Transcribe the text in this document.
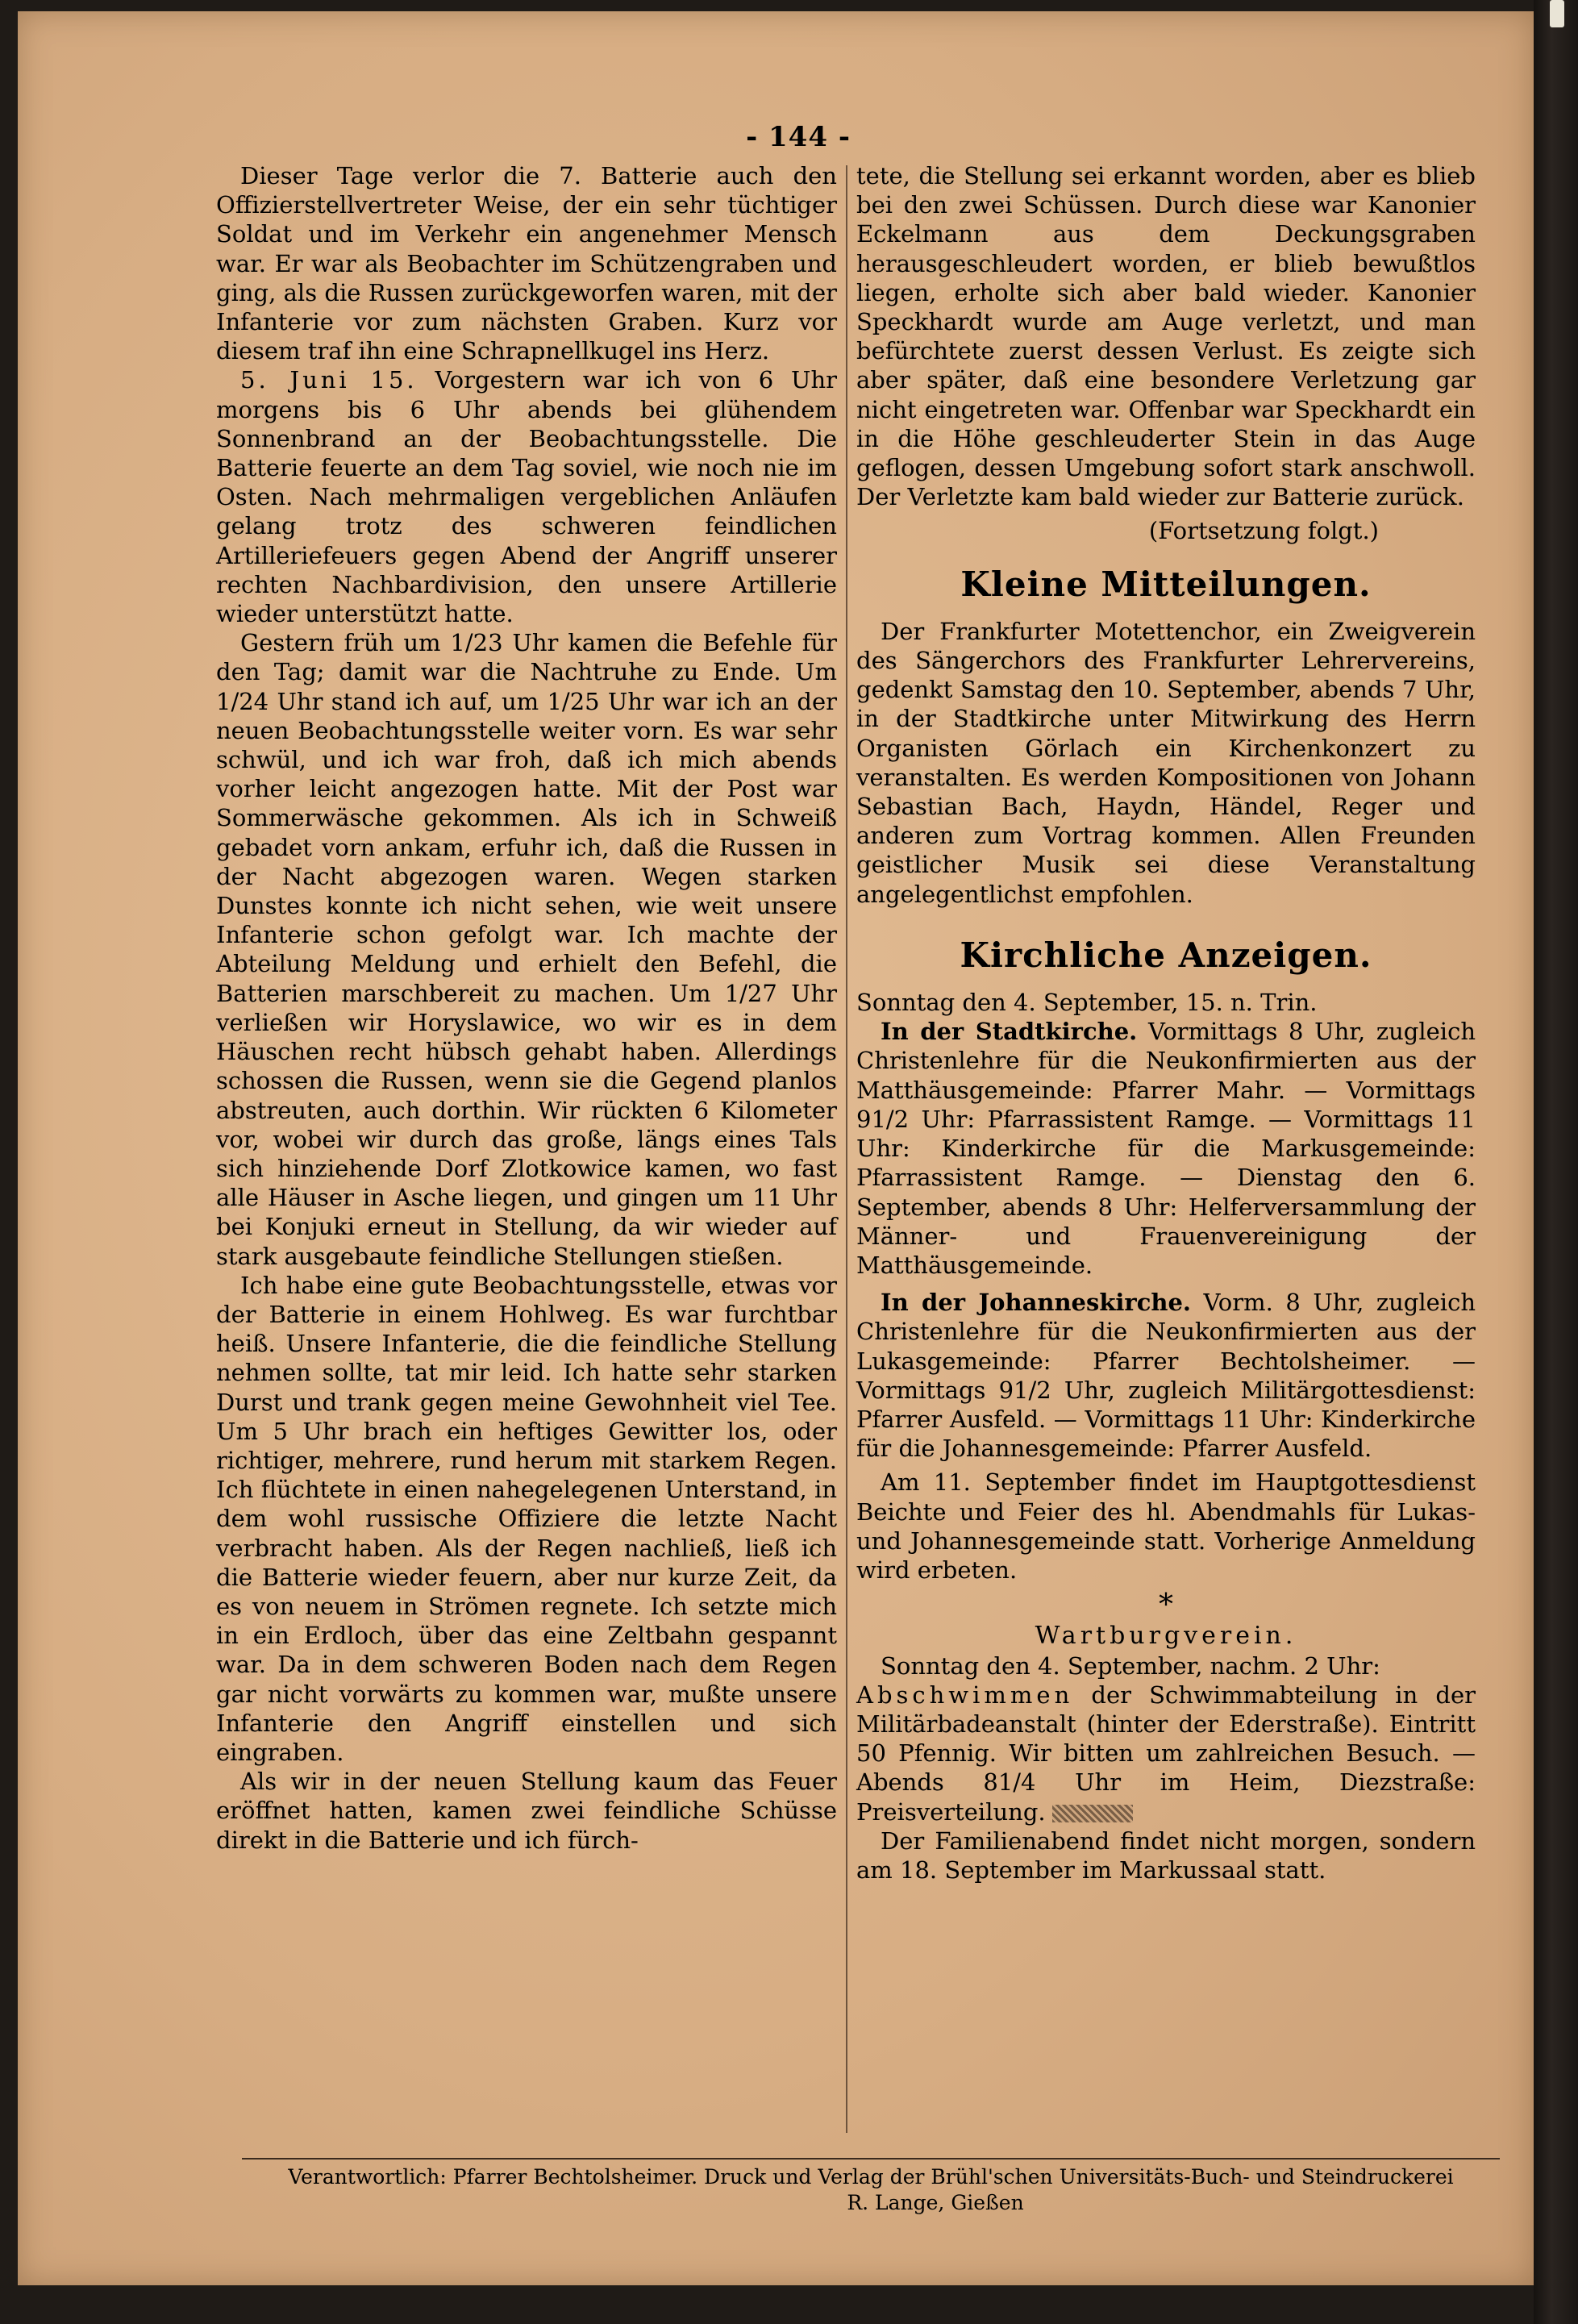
- 144 -

Dieser Tage verlor die 7. Batterie auch den Offizierstellvertreter Weise, der ein sehr tüchtiger Soldat und im Verkehr ein angenehmer Mensch war. Er war als Beobachter im Schützengraben und ging, als die Russen zurückgeworfen waren, mit der Infanterie vor zum nächsten Graben. Kurz vor diesem traf ihn eine Schrapnellkugel ins Herz.

5. Juni 15. Vorgestern war ich von 6 Uhr morgens bis 6 Uhr abends bei glühendem Sonnenbrand an der Beobachtungsstelle. Die Batterie feuerte an dem Tag soviel, wie noch nie im Osten. Nach mehrmaligen vergeblichen Anläufen gelang trotz des schweren feindlichen Artilleriefeuers gegen Abend der Angriff unserer rechten Nachbardivision, den unsere Artillerie wieder unterstützt hatte.

Gestern früh um 1/23 Uhr kamen die Befehle für den Tag; damit war die Nachtruhe zu Ende. Um 1/24 Uhr stand ich auf, um 1/25 Uhr war ich an der neuen Beobachtungsstelle weiter vorn. Es war sehr schwül, und ich war froh, daß ich mich abends vorher leicht angezogen hatte. Mit der Post war Sommerwäsche gekommen. Als ich in Schweiß gebadet vorn ankam, erfuhr ich, daß die Russen in der Nacht abgezogen waren. Wegen starken Dunstes konnte ich nicht sehen, wie weit unsere Infanterie schon gefolgt war. Ich machte der Abteilung Meldung und erhielt den Befehl, die Batterien marschbereit zu machen. Um 1/27 Uhr verließen wir Horyslawice, wo wir es in dem Häuschen recht hübsch gehabt haben. Allerdings schossen die Russen, wenn sie die Gegend planlos abstreuten, auch dorthin. Wir rückten 6 Kilometer vor, wobei wir durch das große, längs eines Tals sich hinziehende Dorf Zlotkowice kamen, wo fast alle Häuser in Asche liegen, und gingen um 11 Uhr bei Konjuki erneut in Stellung, da wir wieder auf stark ausgebaute feindliche Stellungen stießen.

Ich habe eine gute Beobachtungsstelle, etwas vor der Batterie in einem Hohlweg. Es war furchtbar heiß. Unsere Infanterie, die die feindliche Stellung nehmen sollte, tat mir leid. Ich hatte sehr starken Durst und trank gegen meine Gewohnheit viel Tee. Um 5 Uhr brach ein heftiges Gewitter los, oder richtiger, mehrere, rund herum mit starkem Regen. Ich flüchtete in einen nahegelegenen Unterstand, in dem wohl russische Offiziere die letzte Nacht verbracht haben. Als der Regen nachließ, ließ ich die Batterie wieder feuern, aber nur kurze Zeit, da es von neuem in Strömen regnete. Ich setzte mich in ein Erdloch, über das eine Zeltbahn gespannt war. Da in dem schweren Boden nach dem Regen gar nicht vorwärts zu kommen war, mußte unsere Infanterie den Angriff einstellen und sich eingraben.

Als wir in der neuen Stellung kaum das Feuer eröffnet hatten, kamen zwei feindliche Schüsse direkt in die Batterie und ich fürch-

tete, die Stellung sei erkannt worden, aber es blieb bei den zwei Schüssen. Durch diese war Kanonier Eckelmann aus dem Deckungsgraben herausgeschleudert worden, er blieb bewußtlos liegen, erholte sich aber bald wieder. Kanonier Speckhardt wurde am Auge verletzt, und man befürchtete zuerst dessen Verlust. Es zeigte sich aber später, daß eine besondere Verletzung gar nicht eingetreten war. Offenbar war Speckhardt ein in die Höhe geschleuderter Stein in das Auge geflogen, dessen Umgebung sofort stark anschwoll. Der Verletzte kam bald wieder zur Batterie zurück.

(Fortsetzung folgt.)

Kleine Mitteilungen.

Der Frankfurter Motettenchor, ein Zweigverein des Sängerchors des Frankfurter Lehrervereins, gedenkt Samstag den 10. September, abends 7 Uhr, in der Stadtkirche unter Mitwirkung des Herrn Organisten Görlach ein Kirchenkonzert zu veranstalten. Es werden Kompositionen von Johann Sebastian Bach, Haydn, Händel, Reger und anderen zum Vortrag kommen. Allen Freunden geistlicher Musik sei diese Veranstaltung angelegentlichst empfohlen.

Kirchliche Anzeigen.

Sonntag den 4. September, 15. n. Trin.

In der Stadtkirche. Vormittags 8 Uhr, zugleich Christenlehre für die Neukonfirmierten aus der Matthäusgemeinde: Pfarrer Mahr. — Vormittags 91/2 Uhr: Pfarrassistent Ramge. — Vormittags 11 Uhr: Kinderkirche für die Markusgemeinde: Pfarrassistent Ramge. — Dienstag den 6. September, abends 8 Uhr: Helferversammlung der Männer- und Frauenvereinigung der Matthäusgemeinde.

In der Johanneskirche. Vorm. 8 Uhr, zugleich Christenlehre für die Neukonfirmierten aus der Lukasgemeinde: Pfarrer Bechtolsheimer. — Vormittags 91/2 Uhr, zugleich Militärgottesdienst: Pfarrer Ausfeld. — Vormittags 11 Uhr: Kinderkirche für die Johannesgemeinde: Pfarrer Ausfeld.

Am 11. September findet im Hauptgottesdienst Beichte und Feier des hl. Abendmahls für Lukas- und Johannesgemeinde statt. Vorherige Anmeldung wird erbeten.

*

Wartburgverein.

Sonntag den 4. September, nachm. 2 Uhr:

Abschwimmen der Schwimmabteilung in der Militärbadeanstalt (hinter der Ederstraße). Eintritt 50 Pfennig. Wir bitten um zahlreichen Besuch. — Abends 81/4 Uhr im Heim, Diezstraße: Preisverteilung.

Der Familienabend findet nicht morgen, sondern am 18. September im Markussaal statt.

Verantwortlich: Pfarrer Bechtolsheimer. Druck und Verlag der Brühl'schen Universitäts-Buch- und Steindruckerei
R. Lange, Gießen
